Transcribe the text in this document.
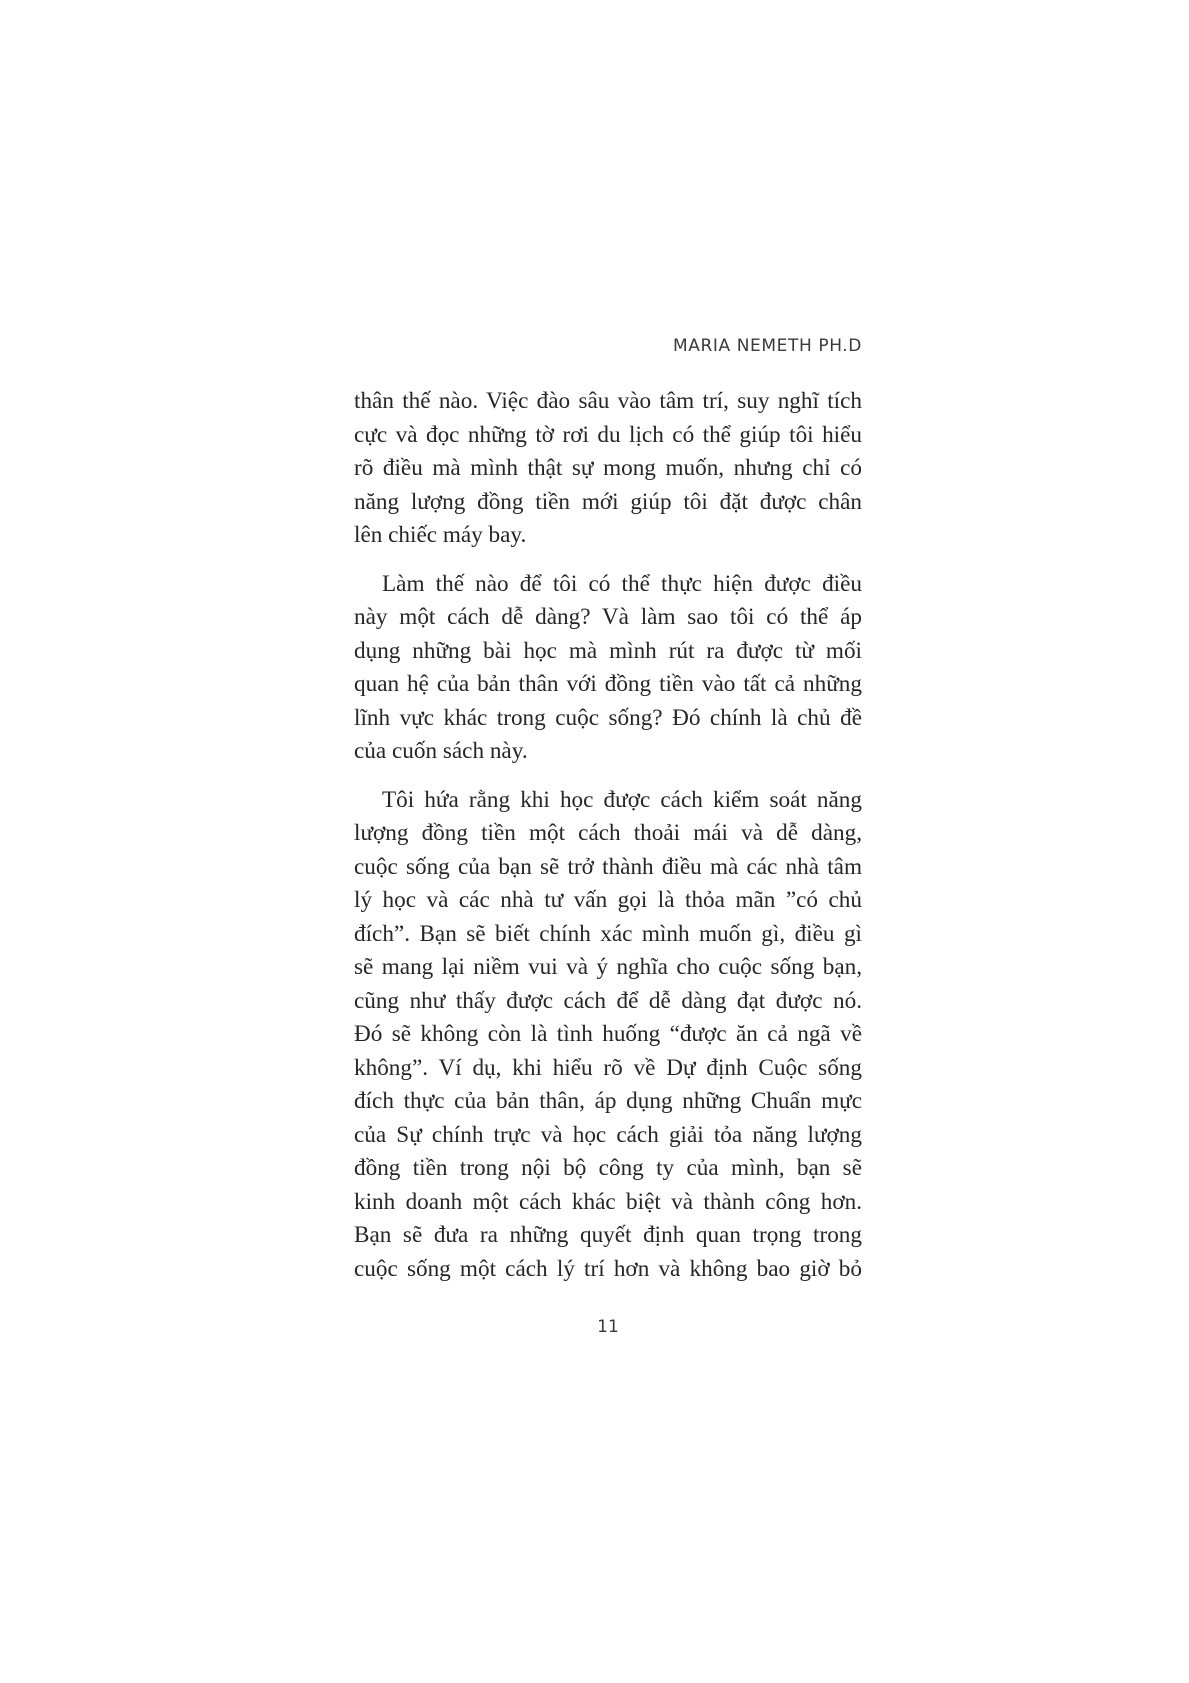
MARIA NEMETH PH.D
thân thế nào. Việc đào sâu vào tâm trí, suy nghĩ tích
cực và đọc những tờ rơi du lịch có thể giúp tôi hiểu
rõ điều mà mình thật sự mong muốn, nhưng chỉ có
năng lượng đồng tiền mới giúp tôi đặt được chân
lên chiếc máy bay.
Làm thế nào để tôi có thể thực hiện được điều
này một cách dễ dàng? Và làm sao tôi có thể áp
dụng những bài học mà mình rút ra được từ mối
quan hệ của bản thân với đồng tiền vào tất cả những
lĩnh vực khác trong cuộc sống? Đó chính là chủ đề
của cuốn sách này.
Tôi hứa rằng khi học được cách kiểm soát năng
lượng đồng tiền một cách thoải mái và dễ dàng,
cuộc sống của bạn sẽ trở thành điều mà các nhà tâm
lý học và các nhà tư vấn gọi là thỏa mãn ”có chủ
đích”. Bạn sẽ biết chính xác mình muốn gì, điều gì
sẽ mang lại niềm vui và ý nghĩa cho cuộc sống bạn,
cũng như thấy được cách để dễ dàng đạt được nó.
Đó sẽ không còn là tình huống “được ăn cả ngã về
không”. Ví dụ, khi hiểu rõ về Dự định Cuộc sống
đích thực của bản thân, áp dụng những Chuẩn mực
của Sự chính trực và học cách giải tỏa năng lượng
đồng tiền trong nội bộ công ty của mình, bạn sẽ
kinh doanh một cách khác biệt và thành công hơn.
Bạn sẽ đưa ra những quyết định quan trọng trong
cuộc sống một cách lý trí hơn và không bao giờ bỏ
11
